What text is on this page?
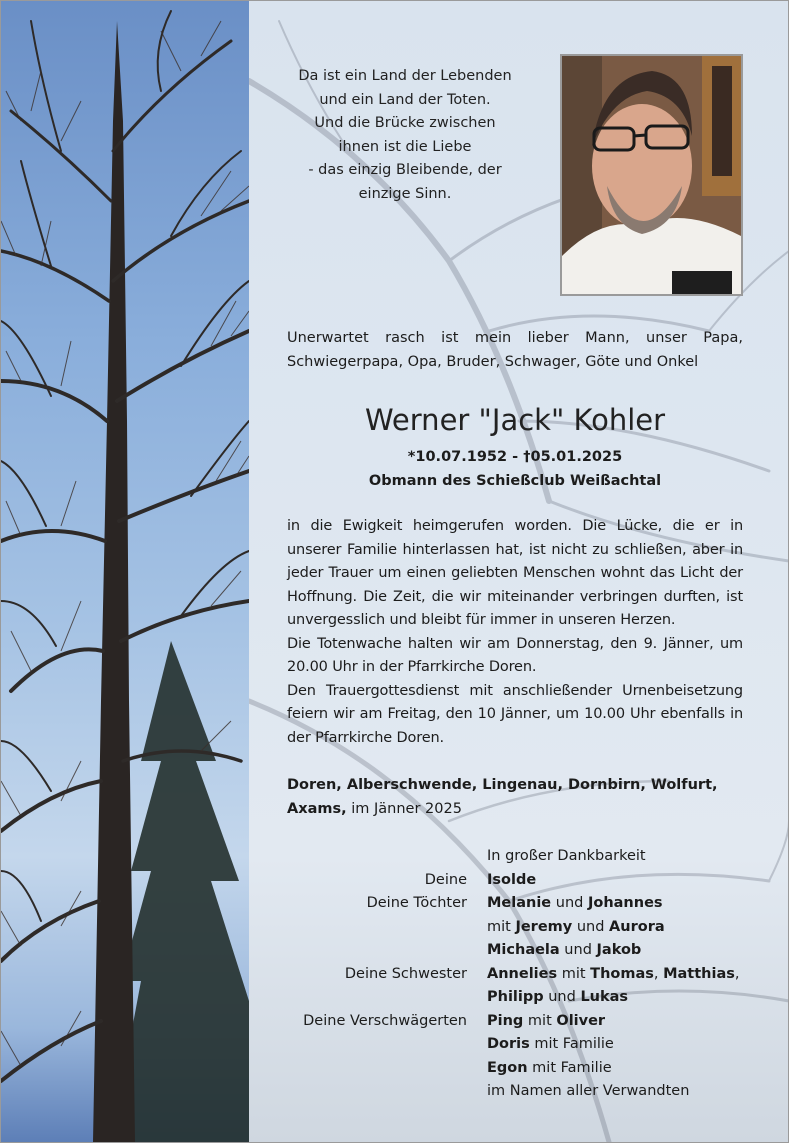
Da ist ein Land der Lebenden
und ein Land der Toten.
Und die Brücke zwischen
ihnen ist die Liebe
- das einzig Bleibende, der
einzige Sinn.
Unerwartet rasch ist mein lieber Mann, unser Papa, Schwiegerpapa, Opa, Bruder, Schwager, Göte und Onkel
Werner "Jack" Kohler
*10.07.1952 - †05.01.2025
Obmann des Schießclub Weißachtal

in die Ewigkeit heimgerufen worden. Die Lücke, die er in unserer Familie hinterlassen hat, ist nicht zu schließen, aber in jeder Trauer um einen geliebten Menschen wohnt das Licht der Hoffnung. Die Zeit, die wir miteinander verbringen durften, ist unvergesslich und bleibt für immer in unseren Herzen.

Die Totenwache halten wir am Donnerstag, den 9. Jänner, um 20.00 Uhr in der Pfarrkirche Doren.

Den Trauergottesdienst mit anschließender Urnenbeisetzung feiern wir am Freitag, den 10 Jänner, um 10.00 Uhr ebenfalls in der Pfarrkirche Doren.

Doren, Alberschwende, Lingenau, Dornbirn, Wolfurt, Axams, im Jänner 2025
In großer Dankbarkeit
Deine Isolde
Deine Töchter Melanie und Johannes
mit Jeremy und Aurora
Michaela und Jakob
Deine Schwester Annelies mit Thomas, Matthias,
Philipp und Lukas
Deine Verschwägerten Ping mit Oliver
Doris mit Familie
Egon mit Familie
im Namen aller Verwandten
